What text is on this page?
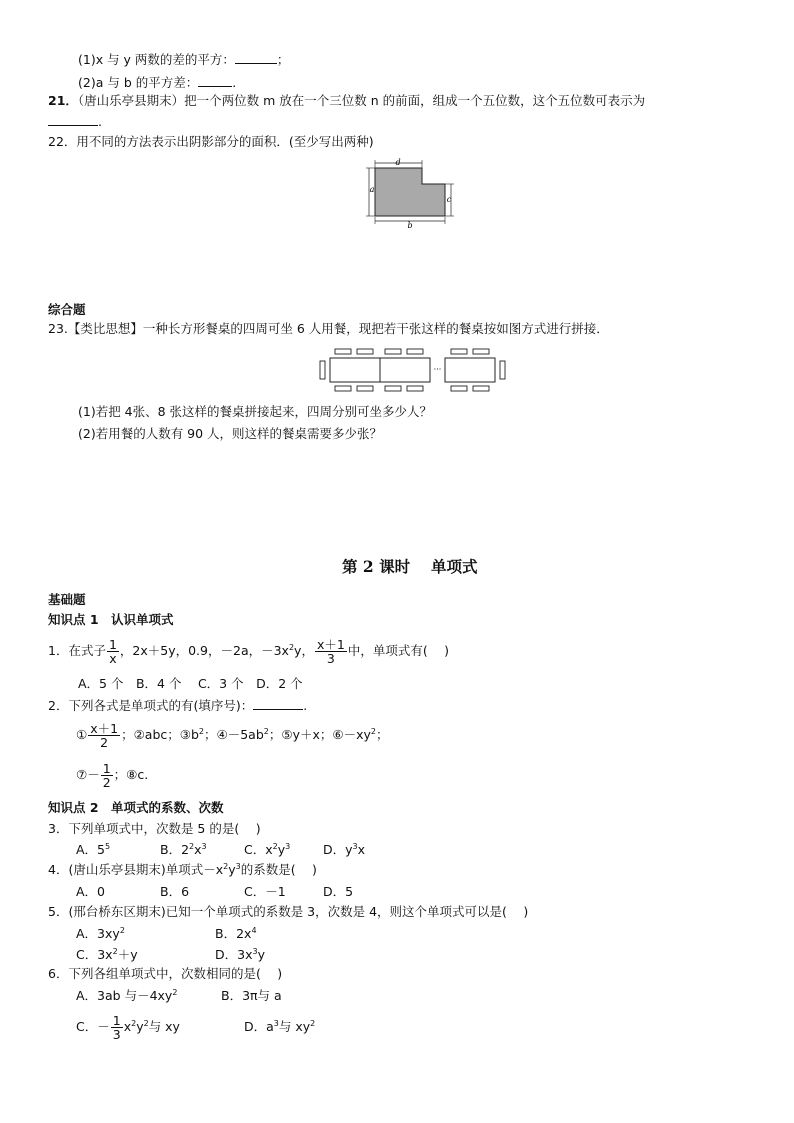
(1)x 与 y 两数的差的平方：	；
(2)a 与 b 的平方差：	.
21．（唐山乐亭县期末）把一个两位数 m 放在一个三位数 n 的前面，组成一个五位数，这个五位数可表示为
.
22．用不同的方法表示出阴影部分的面积．(至少写出两种)
d
a
c
b
综合题
23.【类比思想】一种长方形餐桌的四周可坐 6 人用餐，现把若干张这样的餐桌按如图方式进行拼接．
···
(1)若把 4张、8 张这样的餐桌拼接起来，四周分别可坐多少人？
(2)若用餐的人数有 90 人，则这样的餐桌需要多少张？
第 2 课时　 单项式
基础题
知识点 1　认识单项式
1．在式子 $\frac{1}{x}$ ，2x＋5y，0.9，－2a，$-3x^2y$， $\frac{x+1}{3}$ 中，单项式有(　 )
A．5 个　B．4 个　 C．3 个　D．2 个
2．下列各式是单项式的有(填序号)：	.
① $\frac{x+1}{2}$ ；②abc；$③b^2$；$④-5ab^2$；⑤y＋x；$⑥-xy^2$；
⑦－ $\frac{1}{2}$ ；⑧c.
知识点 2　单项式的系数、次数
3．下列单项式中，次数是 5 的是(　 )
A．$5^5$	B．$2^2x^3$	C．$x^2y^3$	D．$y^3x$
4．(唐山乐亭县期末)单项式$-x^2y^3$的系数是(　 )
A．0	B．6	C．－1	D．5
5．(邢台桥东区期末)已知一个单项式的系数是 3，次数是 4，则这个单项式可以是(　 )
A．$3xy^2$	B．$2x^4$
C．$3x^2+y$	D．$3x^3y$
6．下列各组单项式中，次数相同的是(　 )
A．3ab 与$-4xy^2$	B．3π与 a
C．－ $\frac{1}{3} x^2y^2$与 xy	D．$a^3$与 $xy^2$
